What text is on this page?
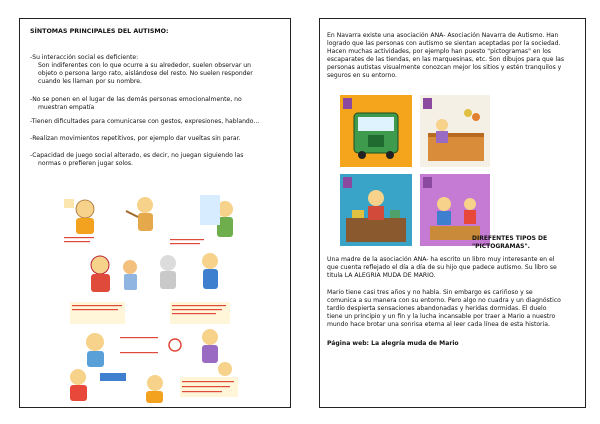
SÍNTOMAS PRINCIPALES DEL AUTISMO:
-Su interacción social es deficiente:
Son indiferentes con lo que ocurre a su alrededor, suelen observar un
objeto o persona largo rato, aislándose del resto. No suelen responder
cuando les llaman por su nombre.
-No se ponen en el lugar de las demás personas emocionalmente, no
muestran empatía
-Tienen dificultades para comunicarse con gestos, expresiones, hablando...
-Realizan movimientos repetitivos, por ejemplo dar vueltas sin parar.
-Capacidad de juego social alterado, es decir, no juegan siguiendo las
normas o prefieren jugar solos.
En Navarra existe una asociación ANA- Asociación Navarra de Autismo. Han
logrado que las personas con autismo se sientan aceptadas por la sociedad.
Hacen muchas actividades, por ejemplo han puesto "pictogramas" en los
escaparates de las tiendas, en las marquesinas, etc. Son dibujos para que las
personas autistas visualmente conozcan mejor los sitios y estén tranquilos y
seguros en su entorno.
DIREFENTES TIPOS DE
"PICTOGRAMAS".
Una madre de la asociación ANA- ha escrito un libro muy interesante en el
que cuenta reflejado el día a día de su hijo que padece autismo. Su libro se
titula LA ALEGRIA MUDA DE MARIO.
Mario tiene casi tres años y no habla. Sin embargo es cariñoso y se
comunica a su manera con su entorno. Pero algo no cuadra y un diagnóstico
tardío despierta sensaciones abandonadas y heridas dormidas. El duelo
tiene un principio y un fin y la lucha incansable por traer a Mario a nuestro
mundo hace brotar una sonrisa eterna al leer cada línea de esta historia.
Página web: La alegría muda de Mario
